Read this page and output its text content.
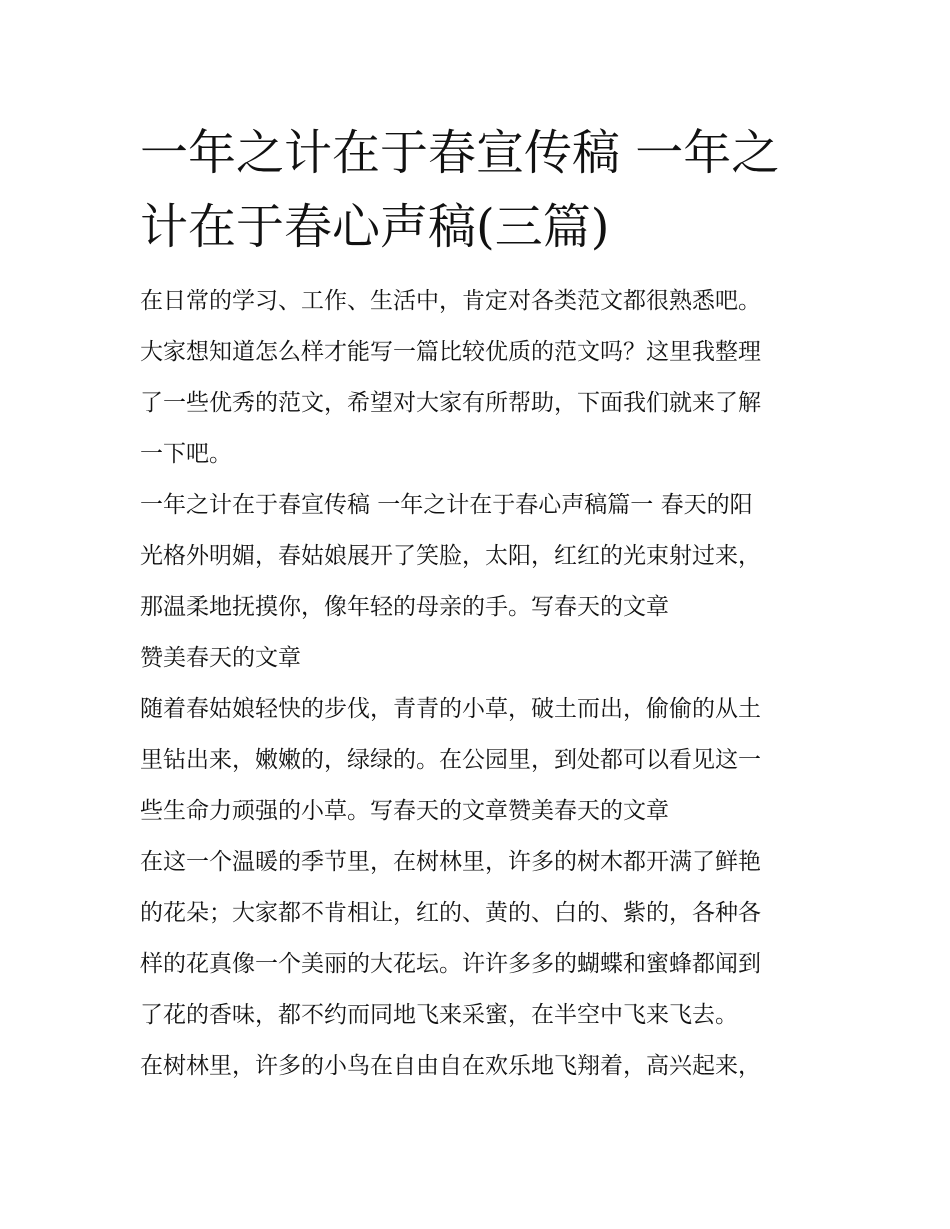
一年之计在于春宣传稿 一年之
计在于春心声稿(三篇)
在日常的学习、工作、生活中，肯定对各类范文都很熟悉吧。
大家想知道怎么样才能写一篇比较优质的范文吗？这里我整理
了一些优秀的范文，希望对大家有所帮助，下面我们就来了解
一下吧。
一年之计在于春宣传稿 一年之计在于春心声稿篇一 春天的阳
光格外明媚，春姑娘展开了笑脸，太阳，红红的光束射过来，
那温柔地抚摸你，像年轻的母亲的手。写春天的文章
赞美春天的文章
随着春姑娘轻快的步伐，青青的小草，破土而出，偷偷的从土
里钻出来，嫩嫩的，绿绿的。在公园里，到处都可以看见这一
些生命力顽强的小草。写春天的文章赞美春天的文章
在这一个温暖的季节里，在树林里，许多的树木都开满了鲜艳
的花朵；大家都不肯相让，红的、黄的、白的、紫的，各种各
样的花真像一个美丽的大花坛。许许多多的蝴蝶和蜜蜂都闻到
了花的香味，都不约而同地飞来采蜜，在半空中飞来飞去。
在树林里，许多的小鸟在自由自在欢乐地飞翔着，高兴起来，
